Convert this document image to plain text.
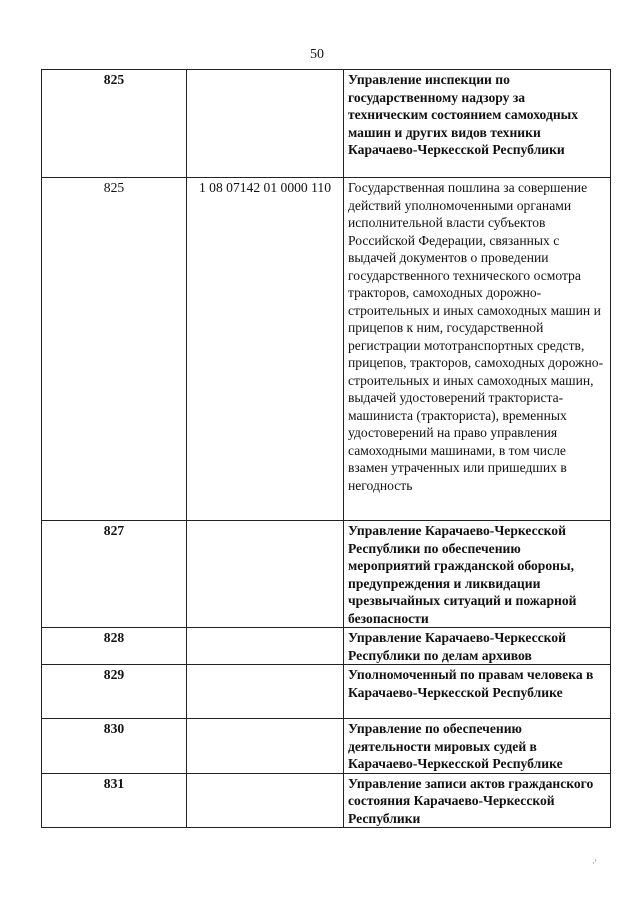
50
825		Управление инспекции по государственному надзору за техническим состоянием самоходных машин и других видов техники Карачаево-Черкесской Республики
825	1 08 07142 01 0000 110	Государственная пошлина за совершение действий уполномоченными органами исполнительной власти субъектов Российской Федерации, связанных с выдачей документов о проведении государственного технического осмотра тракторов, самоходных дорожно-строительных и иных самоходных машин и прицепов к ним, государственной регистрации мототранспортных средств, прицепов, тракторов, самоходных дорожно-строительных и иных самоходных машин, выдачей удостоверений тракториста-машиниста (тракториста), временных удостоверений на право управления самоходными машинами, в том числе взамен утраченных или пришедших в негодность
827		Управление Карачаево-Черкесской Республики по обеспечению мероприятий гражданской обороны, предупреждения и ликвидации чрезвычайных ситуаций и пожарной безопасности
828		Управление Карачаево-Черкесской Республики по делам архивов
829		Уполномоченный по правам человека в Карачаево-Черкесской Республике
830		Управление по обеспечению деятельности мировых судей в Карачаево-Черкесской Республике
831		Управление записи актов гражданского состояния Карачаево-Черкесской Республики
·'
